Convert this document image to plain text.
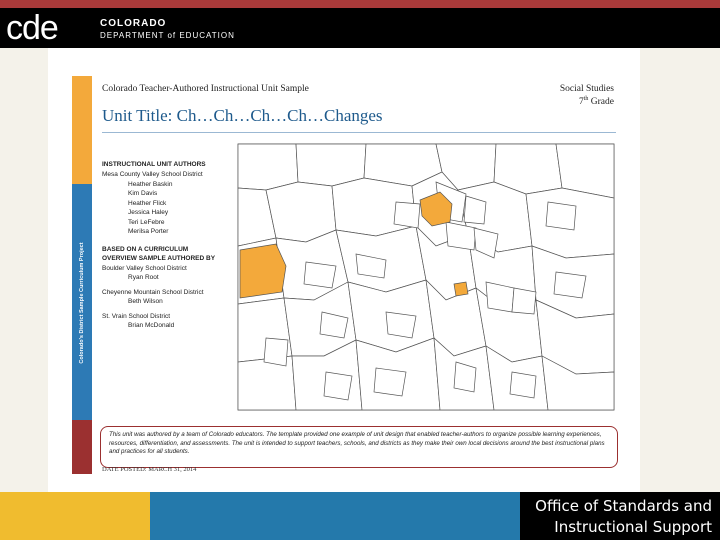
cde	COLORADO
DEPARTMENT of EDUCATION
Colorado's District Sample Curriculum Project
Colorado Teacher-Authored Instructional Unit Sample	Social Studies
7th Grade
Unit Title: Ch…Ch…Ch…Ch…Changes
INSTRUCTIONAL UNIT AUTHORS
Mesa County Valley School District
Heather Baskin
Kim Davis
Heather Flick
Jessica Haley
Teri LeFebre
Merilsa Porter
BASED ON A CURRICULUM
OVERVIEW SAMPLE AUTHORED BY
Boulder Valley School District
Ryan Root
Cheyenne Mountain School District
Beth Wilson
St. Vrain School District
Brian McDonald
This unit was authored by a team of Colorado educators. The template provided one example of unit design that enabled teacher-authors to organize possible learning experiences, resources, differentiation, and assessments. The unit is intended to support teachers, schools, and districts as they make their own local decisions around the best instructional plans and practices for all students.
DATE POSTED: MARCH 31, 2014
Office of Standards and
Instructional Support
